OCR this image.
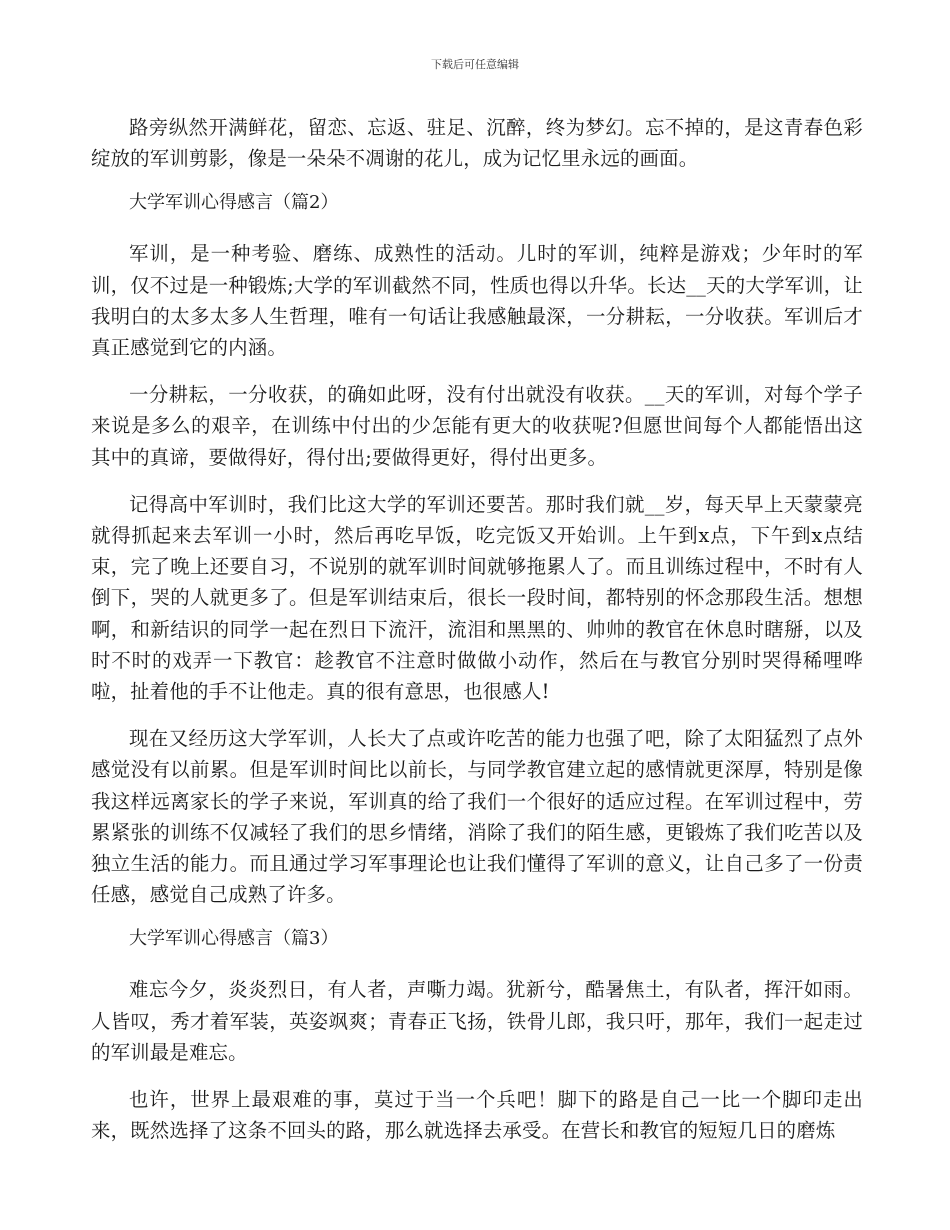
下载后可任意编辑

路旁纵然开满鲜花，留恋、忘返、驻足、沉醉，终为梦幻。忘不掉的，是这青春色彩绽放的军训剪影，像是一朵朵不凋谢的花儿，成为记忆里永远的画面。

大学军训心得感言（篇2）

军训，是一种考验、磨练、成熟性的活动。儿时的军训，纯粹是游戏；少年时的军训，仅不过是一种锻炼;大学的军训截然不同，性质也得以升华。长达__天的大学军训，让我明白的太多太多人生哲理，唯有一句话让我感触最深，一分耕耘，一分收获。军训后才真正感觉到它的内涵。

一分耕耘，一分收获，的确如此呀，没有付出就没有收获。__天的军训，对每个学子来说是多么的艰辛，在训练中付出的少怎能有更大的收获呢?但愿世间每个人都能悟出这其中的真谛，要做得好，得付出;要做得更好，得付出更多。

记得高中军训时，我们比这大学的军训还要苦。那时我们就__岁，每天早上天蒙蒙亮就得抓起来去军训一小时，然后再吃早饭，吃完饭又开始训。上午到x点，下午到x点结束，完了晚上还要自习，不说别的就军训时间就够拖累人了。而且训练过程中，不时有人倒下，哭的人就更多了。但是军训结束后，很长一段时间，都特别的怀念那段生活。想想啊，和新结识的同学一起在烈日下流汗，流泪和黑黑的、帅帅的教官在休息时瞎掰，以及时不时的戏弄一下教官：趁教官不注意时做做小动作，然后在与教官分别时哭得稀哩哗啦，扯着他的手不让他走。真的很有意思，也很感人!

现在又经历这大学军训，人长大了点或许吃苦的能力也强了吧，除了太阳猛烈了点外感觉没有以前累。但是军训时间比以前长，与同学教官建立起的感情就更深厚，特别是像我这样远离家长的学子来说，军训真的给了我们一个很好的适应过程。在军训过程中，劳累紧张的训练不仅减轻了我们的思乡情绪，消除了我们的陌生感，更锻炼了我们吃苦以及独立生活的能力。而且通过学习军事理论也让我们懂得了军训的意义，让自己多了一份责任感，感觉自己成熟了许多。

大学军训心得感言（篇3）

难忘今夕，炎炎烈日，有人者，声嘶力竭。犹新兮，酷暑焦土，有队者，挥汗如雨。人皆叹，秀才着军装，英姿飒爽；青春正飞扬，铁骨儿郎，我只吁，那年，我们一起走过的军训最是难忘。

也许，世界上最艰难的事，莫过于当一个兵吧！脚下的路是自己一比一个脚印走出来，既然选择了这条不回头的路，那么就选择去承受。在营长和教官的短短几日的磨炼
